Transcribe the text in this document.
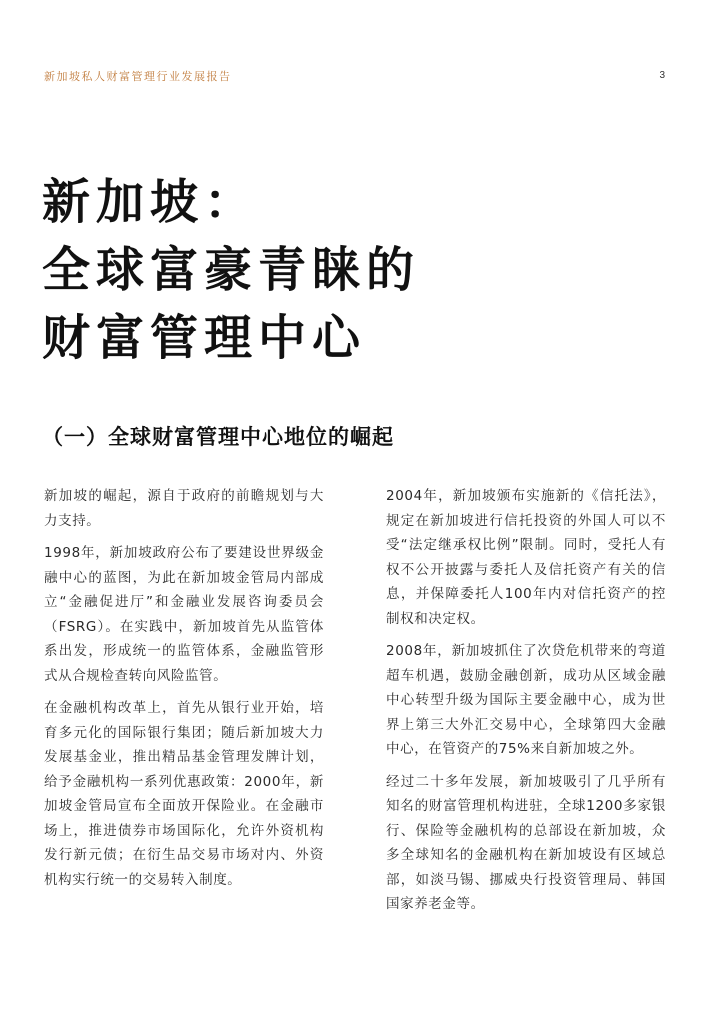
新加坡私人财富管理行业发展报告	3
新加坡：
全球富豪青睐的
财富管理中心
（一）全球财富管理中心地位的崛起

新加坡的崛起，源自于政府的前瞻规划与大力支持。

1998年，新加坡政府公布了要建设世界级金融中心的蓝图，为此在新加坡金管局内部成立“金融促进厅”和金融业发展咨询委员会（FSRG）。在实践中，新加坡首先从监管体系出发，形成统一的监管体系，金融监管形式从合规检查转向风险监管。

在金融机构改革上，首先从银行业开始，培育多元化的国际银行集团；随后新加坡大力发展基金业，推出精品基金管理发牌计划，给予金融机构一系列优惠政策：2000年，新加坡金管局宣布全面放开保险业。在金融市场上，推进债券市场国际化，允许外资机构发行新元债；在衍生品交易市场对内、外资机构实行统一的交易转入制度。

2004年，新加坡颁布实施新的《信托法》，规定在新加坡进行信托投资的外国人可以不受“法定继承权比例”限制。同时，受托人有权不公开披露与委托人及信托资产有关的信息，并保障委托人100年内对信托资产的控制权和决定权。

2008年，新加坡抓住了次贷危机带来的弯道超车机遇，鼓励金融创新，成功从区域金融中心转型升级为国际主要金融中心，成为世界上第三大外汇交易中心，全球第四大金融中心，在管资产的75%来自新加坡之外。

经过二十多年发展，新加坡吸引了几乎所有知名的财富管理机构进驻，全球1200多家银行、保险等金融机构的总部设在新加坡，众多全球知名的金融机构在新加坡设有区域总部，如淡马锡、挪威央行投资管理局、韩国国家养老金等。
